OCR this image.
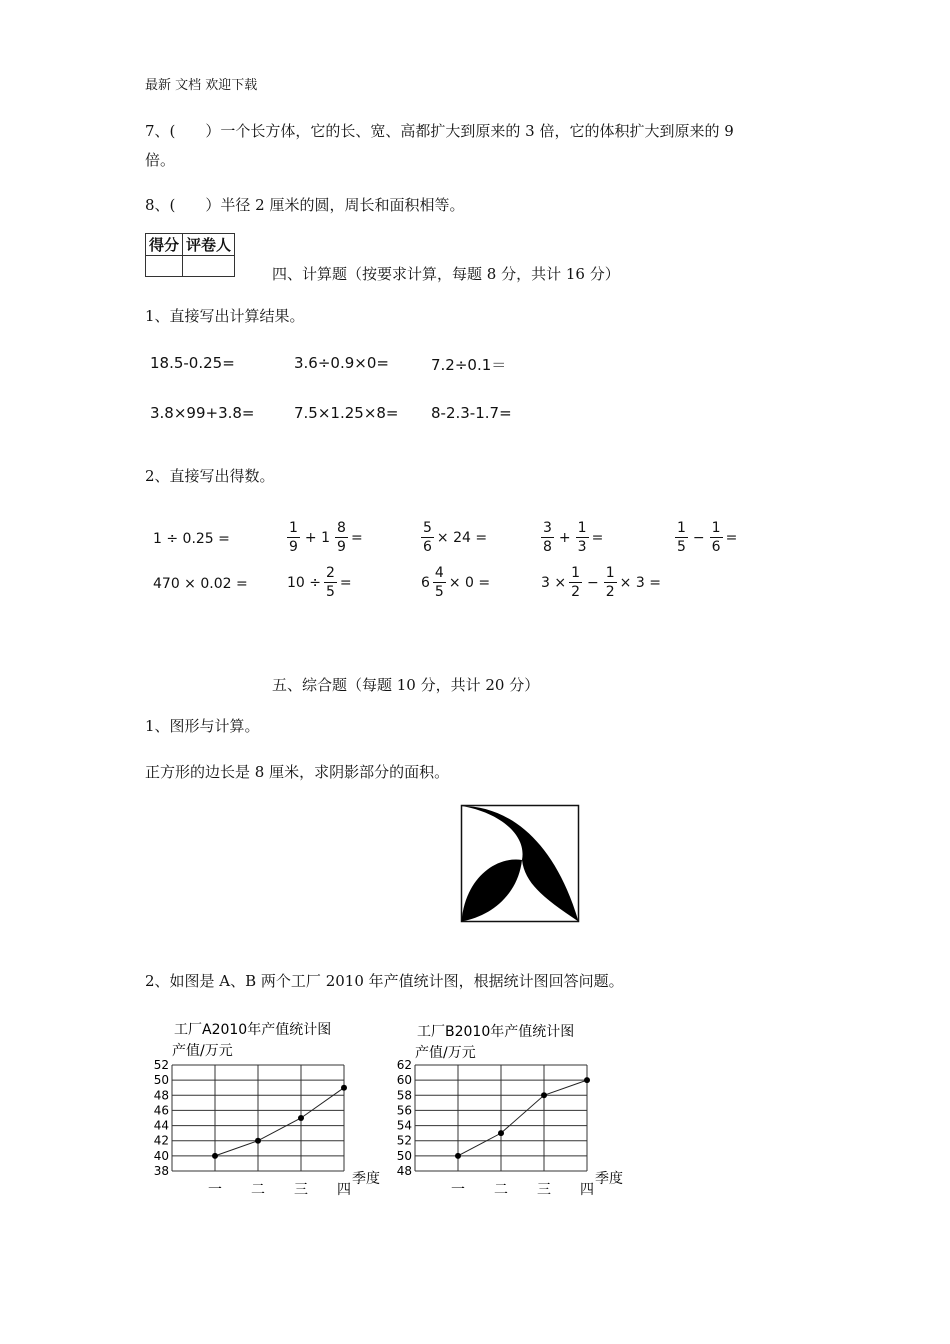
最新 文档 欢迎下载
7、(　　）一个长方体，它的长、宽、高都扩大到原来的 3 倍，它的体积扩大到原来的 9
倍。
8、(　　）半径 2 厘米的圆，周长和面积相等。
得分	评卷人

四、计算题（按要求计算，每题 8 分，共计 16 分）
1、直接写出计算结果。
18.5-0.25=	3.6÷0.9×0=	7.2÷0.1＝
3.8×99+3.8=	7.5×1.25×8= 8-2.3-1.7=
2、直接写出得数。
1 ÷ 0.25 =	$\frac{1}{9} + 1 \frac{8}{9}$ =	$\frac{5}{6} \times 24$ =	$\frac{3}{8} + \frac{1}{3}$ =	$\frac{1}{5} - \frac{1}{6}$ =
470 × 0.02 =	$10 \div \frac{2}{5}$ =	$6 \frac{4}{5} \times 0$ =	$3 \times \frac{1}{2} - \frac{1}{2} \times 3$ =
五、综合题（每题 10 分，共计 20 分）
1、图形与计算。
正方形的边长是 8 厘米，求阴影部分的面积。
2、如图是 A、B 两个工厂 2010 年产值统计图，根据统计图回答问题。
工厂A2010年产值统计图
产值/万元
38
40
42
44
46
48
50
52
一 二 三 四
季度
工厂B2010年产值统计图
产值/万元
48
50
52
54
56
58
60
62
一 二 三 四
季度
